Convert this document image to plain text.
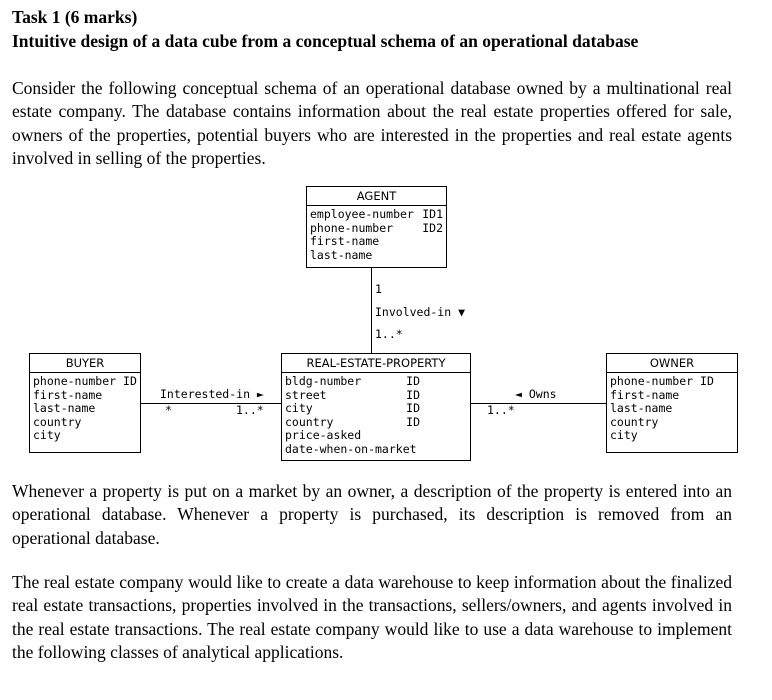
Task 1 (6 marks)
Intuitive design of a data cube from a conceptual schema of an operational database
Consider the following conceptual schema of an operational database owned by a multinational real estate company. The database contains information about the real estate properties offered for sale, owners of the properties, potential buyers who are interested in the properties and real estate agents involved in selling of the properties.
AGENT
employee-number ID1
phone-number	ID2
first-name
last-name
1
Involved-in ▼
1..*
BUYER
phone-number ID
first-name
last-name
country
city
Interested-in ►
*	1..*
REAL-ESTATE-PROPERTY
bldg-number	ID
street	ID
city	ID
country	ID
price-asked
date-when-on-market
◄ Owns
1..*
OWNER
phone-number ID
first-name
last-name
country
city
Whenever a property is put on a market by an owner, a description of the property is entered into an operational database. Whenever a property is purchased, its description is removed from an operational database.
The real estate company would like to create a data warehouse to keep information about the finalized real estate transactions, properties involved in the transactions, sellers/owners, and agents involved in the real estate transactions. The real estate company would like to use a data warehouse to implement the following classes of analytical applications.
